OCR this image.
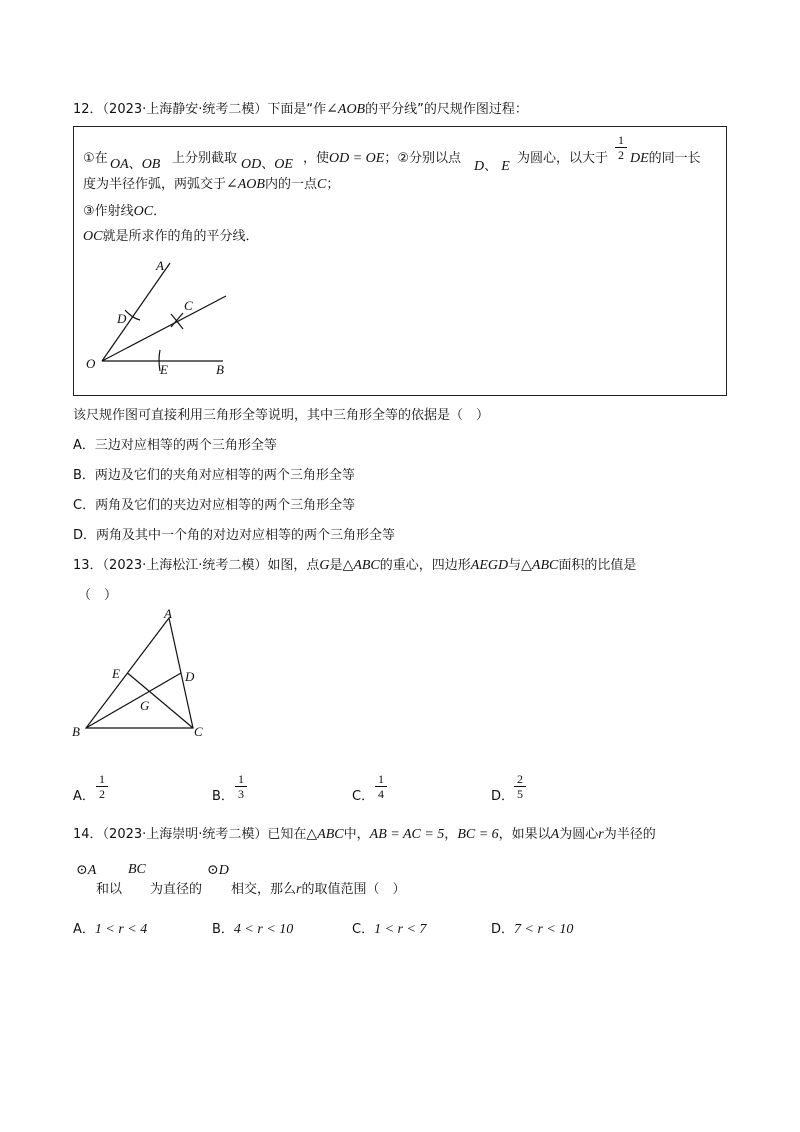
12．（2023·上海静安·统考二模）下面是“作∠AOB的平分线”的尺规作图过程：
①在 OA、OB 上分别截取 OD、OE ，使OD = OE；②分别以点
D、 E
为圆心，以大于
1
2 DE的同一长
度为半径作弧，两弧交于∠AOB内的一点C；
③作射线OC．
OC就是所求作的角的平分线．
A
D
C
O	E	B
该尺规作图可直接利用三角形全等说明，其中三角形全等的依据是（　）
A．三边对应相等的两个三角形全等
B．两边及它们的夹角对应相等的两个三角形全等
C．两角及它们的夹边对应相等的两个三角形全等
D．两角及其中一个角的对边对应相等的两个三角形全等
13．（2023·上海松江·统考二模）如图，点G是△ABC的重心，四边形AEGD与△ABC面积的比值是
（　）
A
E	D
G
B	C
A．
1
2	B．
1
3	C．
1
4	D．
2
5
14．（2023·上海崇明·统考二模）已知在△ABC中，AB = AC = 5，BC = 6，如果以A为圆心r为半径的
⊙A
和以
BC
为直径的
⊙D
相交，那么r的取值范围（　）
A．1 < r < 4	B．4 < r < 10	C．1 < r < 7	D．7 < r < 10
